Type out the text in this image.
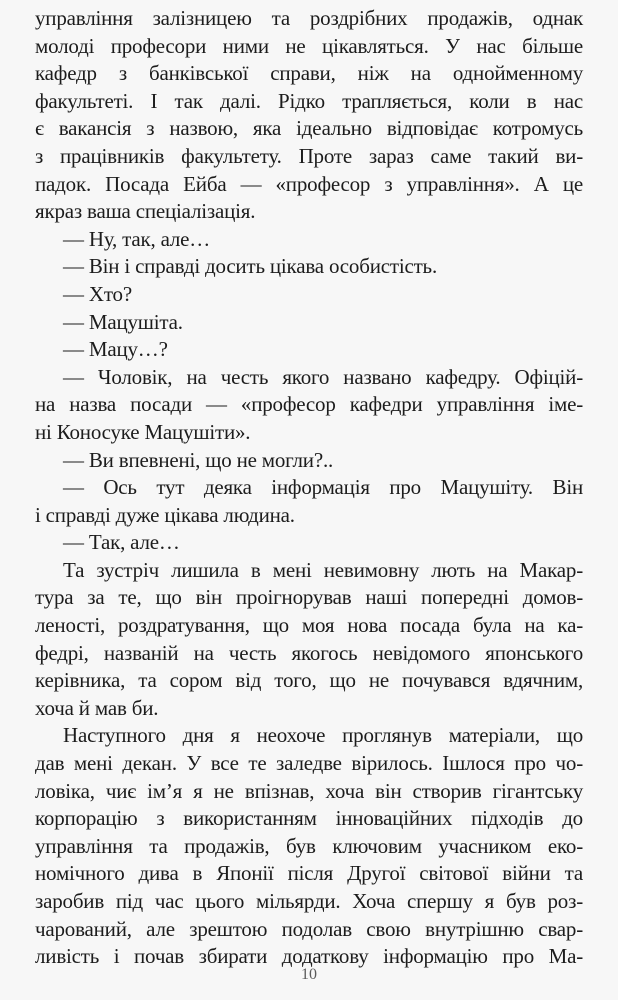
управління залізницею та роздрібних продажів, однак
молоді професори ними не цікавляться. У нас більше
кафедр з банківської справи, ніж на однойменному
факультеті. І так далі. Рідко трапляється, коли в нас
є вакансія з назвою, яка ідеально відповідає котромусь
з працівників факультету. Проте зараз саме такий ви-
падок. Посада Ейба — «професор з управління». А це
якраз ваша спеціалізація.
— Ну, так, але…
— Він і справді досить цікава особистість.
— Хто?
— Мацушіта.
— Мацу…?
— Чоловік, на честь якого названо кафедру. Офіцій-
на назва посади — «професор кафедри управління іме-
ні Коносуке Мацушіти».
— Ви впевнені, що не могли?..
— Ось тут деяка інформація про Мацушіту. Він
і справді дуже цікава людина.
— Так, але…
Та зустріч лишила в мені невимовну лють на Макар-
тура за те, що він проігнорував наші попередні домов-
леності, роздратування, що моя нова посада була на ка-
федрі, названій на честь якогось невідомого японського
керівника, та сором від того, що не почувався вдячним,
хоча й мав би.
Наступного дня я неохоче проглянув матеріали, що
дав мені декан. У все те заледве вірилось. Ішлося про чо-
ловіка, чиє ім’я я не впізнав, хоча він створив гігантську
корпорацію з використанням інноваційних підходів до
управління та продажів, був ключовим учасником еко-
номічного дива в Японії після Другої світової війни та
заробив під час цього мільярди. Хоча спершу я був роз-
чарований, але зрештою подолав свою внутрішню свар-
ливість і почав збирати додаткову інформацію про Ма-
10
